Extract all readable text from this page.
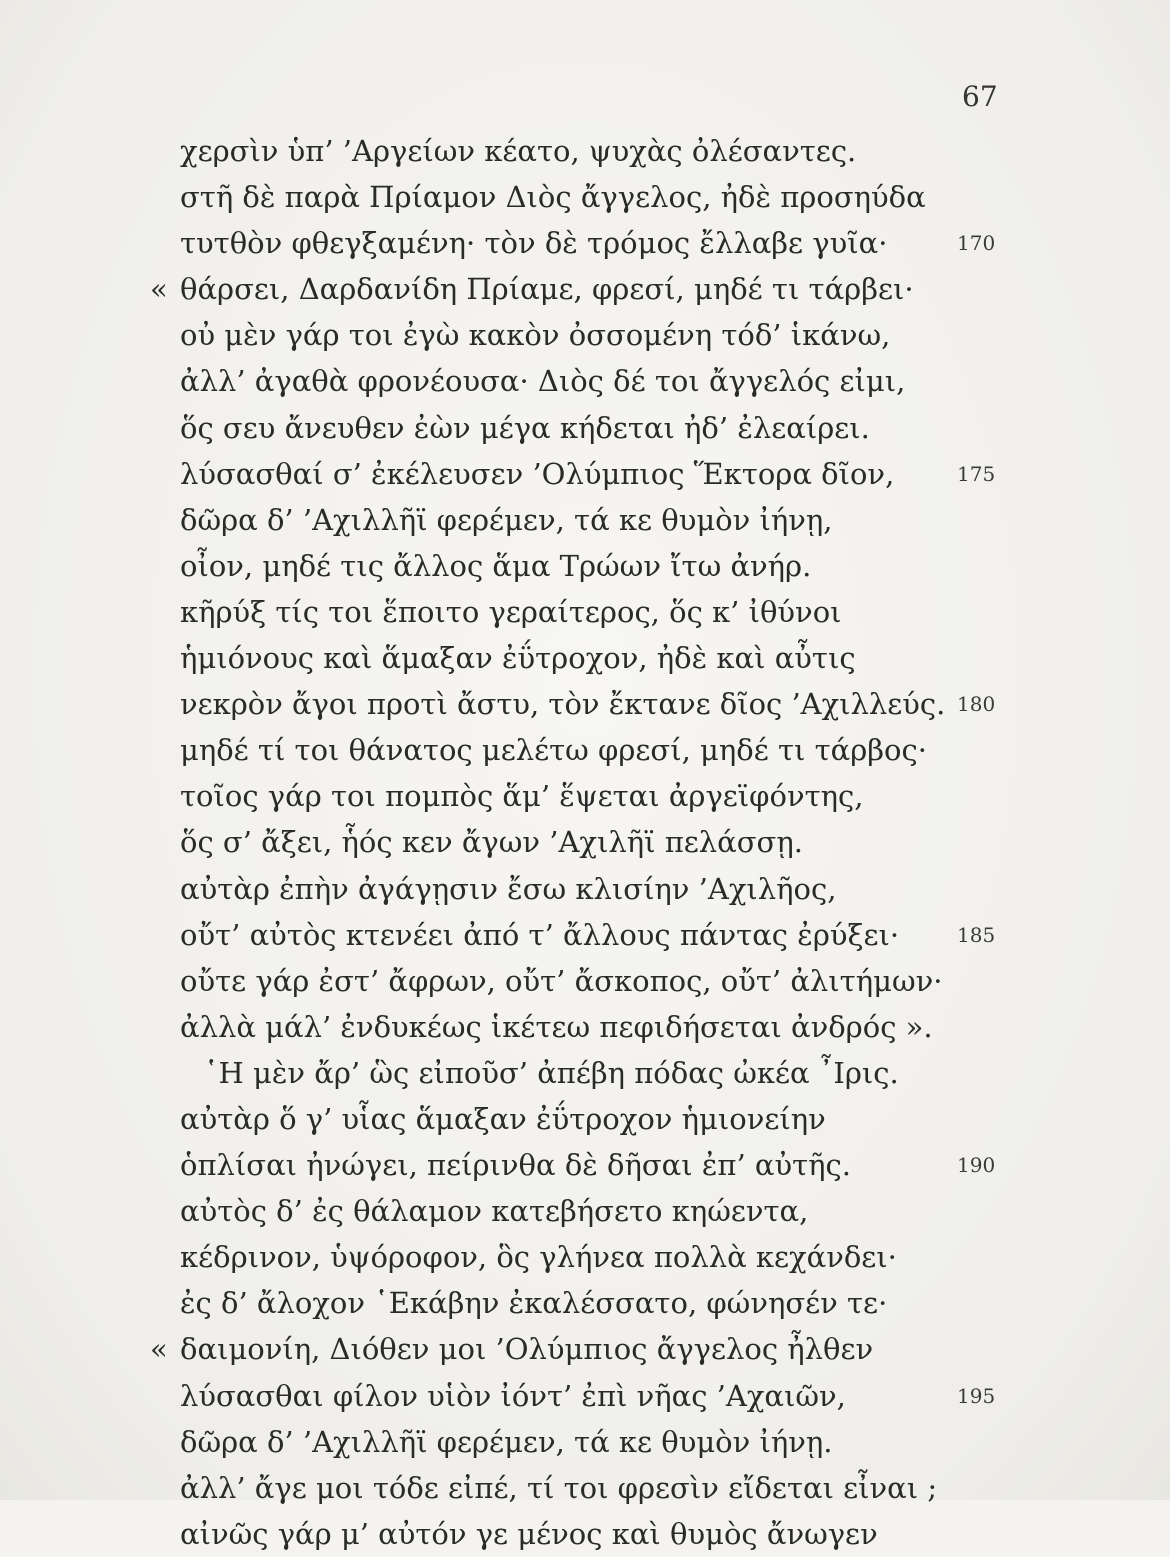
67
χερσὶν ὑπ’ ’Αργείων κέατο, ψυχὰς ὀλέσαντες.
στῆ δὲ παρὰ Πρίαμον Διὸς ἄγγελος, ἠδὲ προσηύδα
τυτθὸν φθεγξαμένη· τὸν δὲ τρόμος ἔλλαβε γυῖα·	170
« θάρσει, Δαρδανίδη Πρίαμε, φρεσί, μηδέ τι τάρβει·
οὐ μὲν γάρ τοι ἐγὼ κακὸν ὀσσομένη τόδ’ ἱκάνω,
ἀλλ’ ἀγαθὰ φρονέουσα· Διὸς δέ τοι ἄγγελός εἰμι,
ὅς σευ ἄνευθεν ἐὼν μέγα κήδεται ἠδ’ ἐλεαίρει.
λύσασθαί σ’ ἐκέλευσεν ’Ολύμπιος Ἕκτορα δῖον,	175
δῶρα δ’ ’Αχιλλῆϊ φερέμεν, τά κε θυμὸν ἰήνῃ,
οἶον, μηδέ τις ἄλλος ἅμα Τρώων ἴτω ἀνήρ.
κῆρύξ τίς τοι ἕποιτο γεραίτερος, ὅς κ’ ἰθύνοι
ἡμιόνους καὶ ἅμαξαν ἐΰτροχον, ἠδὲ καὶ αὖτις
νεκρὸν ἄγοι προτὶ ἄστυ, τὸν ἔκτανε δῖος ’Αχιλλεύς. 180
μηδέ τί τοι θάνατος μελέτω φρεσί, μηδέ τι τάρβος·
τοῖος γάρ τοι πομπὸς ἅμ’ ἕψεται ἀργεϊφόντης,
ὅς σ’ ἄξει, ἧός κεν ἄγων ’Αχιλῆϊ πελάσσῃ.
αὐτὰρ ἐπὴν ἀγάγῃσιν ἔσω κλισίην ’Αχιλῆος,
οὔτ’ αὐτὸς κτενέει ἀπό τ’ ἄλλους πάντας ἐρύξει·	185
οὔτε γάρ ἐστ’ ἄφρων, οὔτ’ ἄσκοπος, οὔτ’ ἀλιτήμων·
ἀλλὰ μάλ’ ἐνδυκέως ἱκέτεω πεφιδήσεται ἀνδρός ».
῾Η μὲν ἄρ’ ὣς εἰποῦσ’ ἀπέβη πόδας ὠκέα ῏Ιρις.
αὐτὰρ ὅ γ’ υἷας ἅμαξαν ἐΰτροχον ἡμιονείην
ὁπλίσαι ἠνώγει, πείρινθα δὲ δῆσαι ἐπ’ αὐτῆς.	190
αὐτὸς δ’ ἐς θάλαμον κατεβήσετο κηώεντα,
κέδρινον, ὑψόροφον, ὃς γλήνεα πολλὰ κεχάνδει·
ἐς δ’ ἄλοχον ῾Εκάβην ἐκαλέσσατο, φώνησέν τε·
« δαιμονίη, Διόθεν μοι ’Ολύμπιος ἄγγελος ἦλθεν
λύσασθαι φίλον υἱὸν ἰόντ’ ἐπὶ νῆας ’Αχαιῶν,	195
δῶρα δ’ ’Αχιλλῆϊ φερέμεν, τά κε θυμὸν ἰήνῃ.
ἀλλ’ ἄγε μοι τόδε εἰπέ, τί τοι φρεσὶν εἴδεται εἶναι ;
αἰνῶς γάρ μ’ αὐτόν γε μένος καὶ θυμὸς ἄνωγεν
